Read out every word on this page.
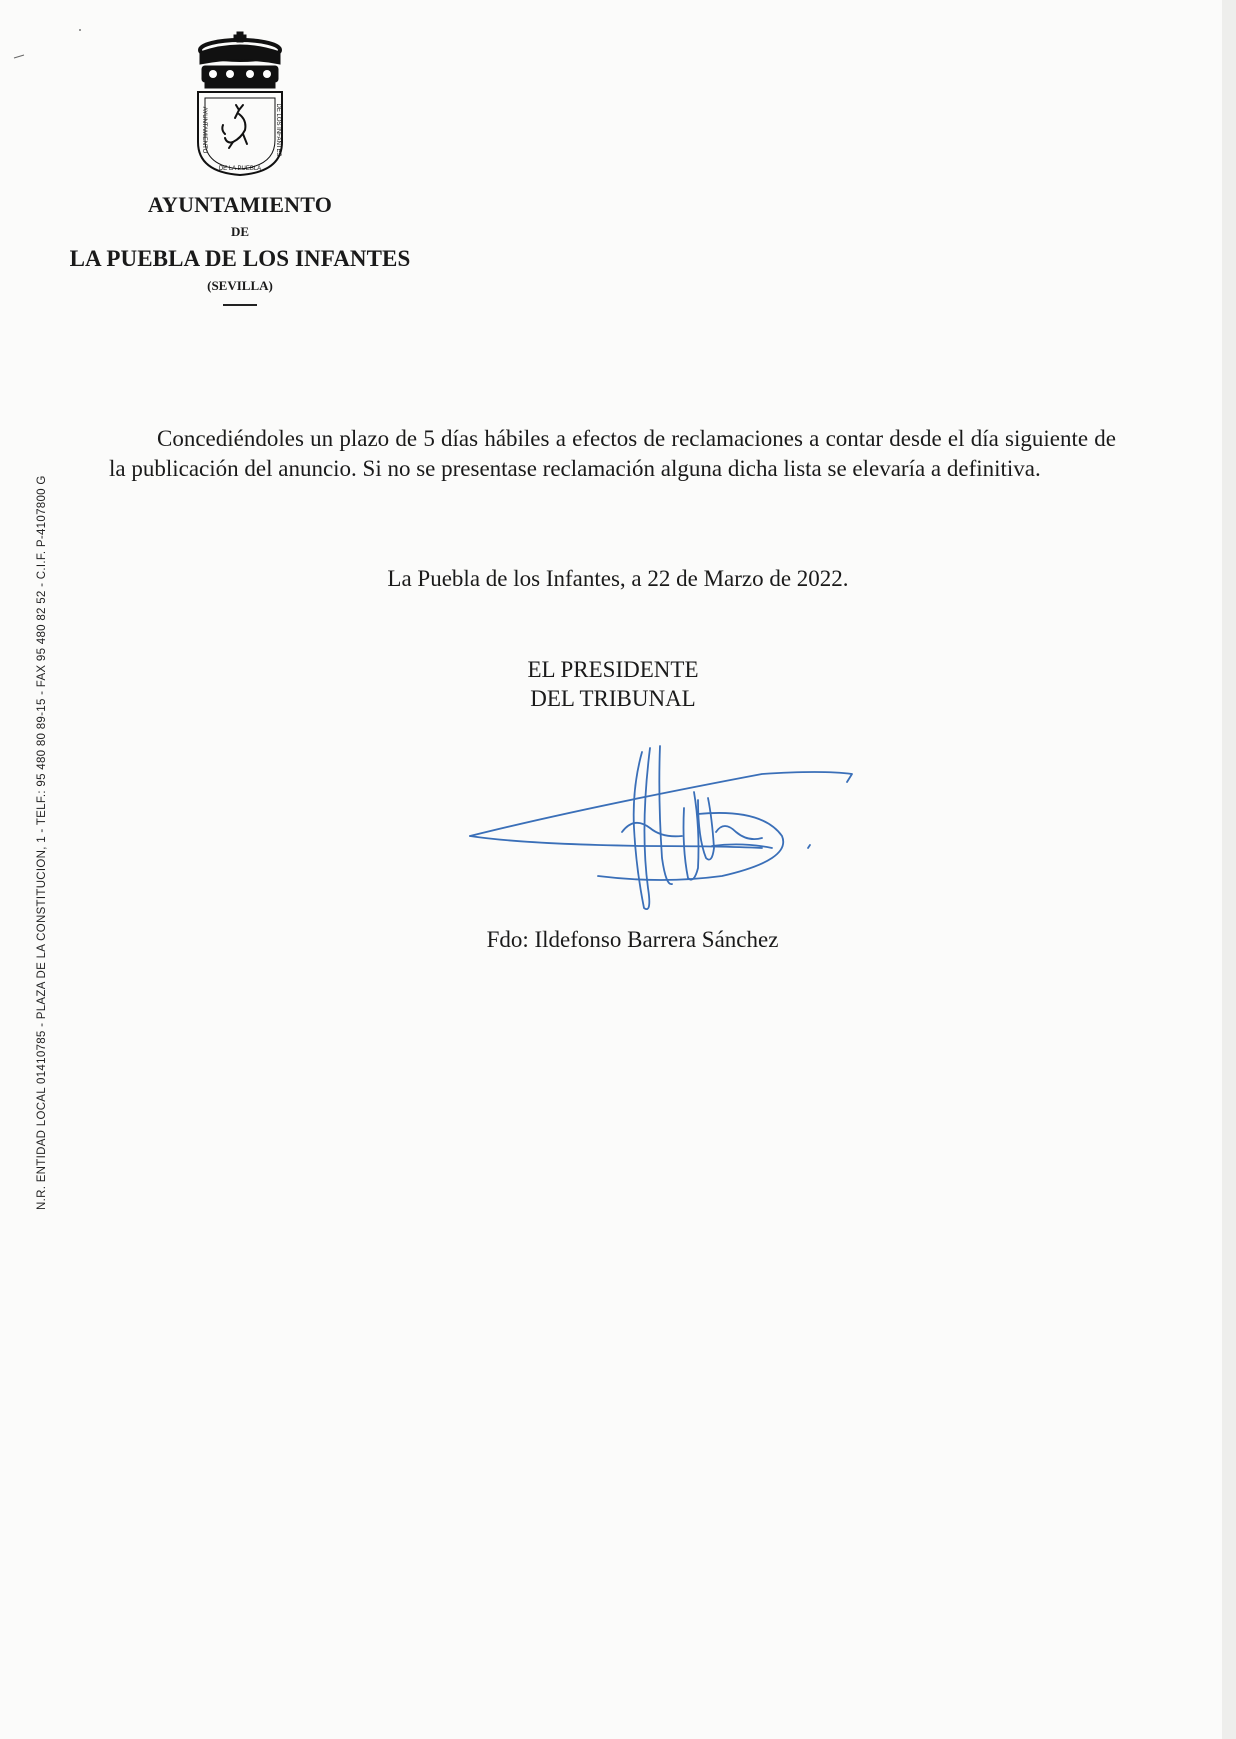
AYUNTAMIENTO	DE LOS INFANTES
DE LA PUEBLA
AYUNTAMIENTO
DE
LA PUEBLA DE LOS INFANTES
(SEVILLA)
N.R. ENTIDAD LOCAL 01410785 - PLAZA DE LA CONSTITUCION, 1 - TELF.: 95 480 80 89-15 - FAX 95 480 82 52 - C.I.F. P-4107800 G

Concediéndoles un plazo de 5 días hábiles a efectos de reclamaciones a contar desde el día siguiente de la publicación del anuncio. Si no se presentase reclamación alguna dicha lista se elevaría a definitiva.

La Puebla de los Infantes, a 22 de Marzo de 2022.
EL PRESIDENTE
DEL TRIBUNAL
Fdo: Ildefonso Barrera Sánchez
